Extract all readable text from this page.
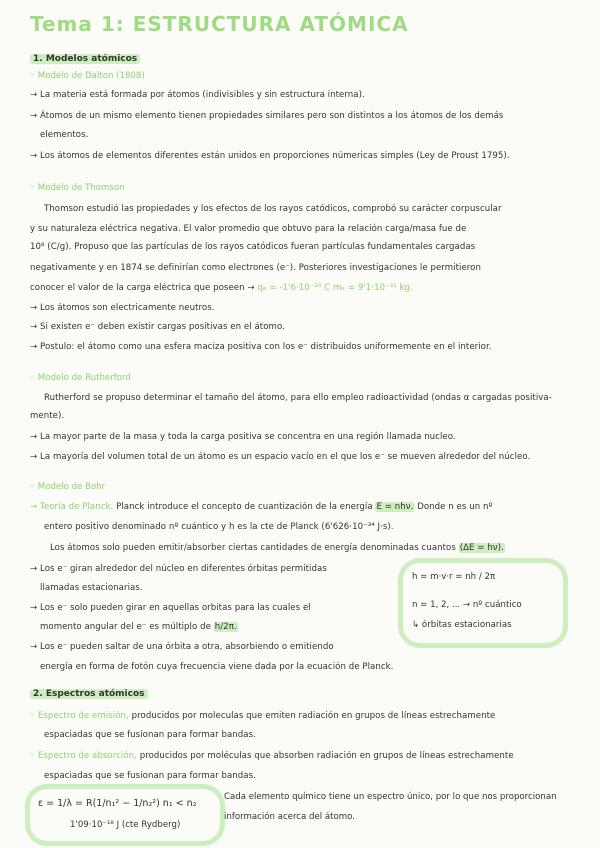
Tema 1: ESTRUCTURA ATÓMICA
1. Modelos atómicos
◦ Modelo de Dalton (1808)
→ La materia está formada por átomos (indivisibles y sin estructura interna).
→ Átomos de un mismo elemento tienen propiedades similares pero son distintos a los átomos de los demás
elementos.
→ Los átomos de elementos diferentes están unidos en proporciones númericas simples (Ley de Proust 1795).
◦ Modelo de Thomson
Thomson estudió las propiedades y los efectos de los rayos catódicos, comprobó su carácter corpuscular
y su naturaleza eléctrica negativa. El valor promedio que obtuvo para la relación carga/masa fue de
10⁸ (C/g). Propuso que las partículas de los rayos catódicos fueran partículas fundamentales cargadas
negativamente y en 1874 se definirían como electrones (e⁻). Posteriores investigaciones le permitieron
conocer el valor de la carga eléctrica que poseen → qₑ = -1'6·10⁻¹⁹ C mₑ = 9'1·10⁻³¹ kg.
→ Los átomos son electricamente neutros.
→ Si existen e⁻ deben existir cargas positivas en el átomo.
→ Postulo: el átomo como una esfera maciza positiva con los e⁻ distribuidos uniformemente en el interior.
◦ Modelo de Rutherford
Rutherford se propuso determinar el tamaño del átomo, para ello empleo radioactividad (ondas α cargadas positiva-
mente).
→ La mayor parte de la masa y toda la carga positiva se concentra en una región llamada nucleo.
→ La mayoría del volumen total de un átomo es un espacio vacío en el que los e⁻ se mueven alrededor del núcleo.
◦ Modelo de Bohr
→ Teoría de Planck. Planck introduce el concepto de cuantización de la energía E = nhν. Donde n es un nº
entero positivo denominado nº cuántico y h es la cte de Planck (6'626·10⁻³⁴ J·s).
Los átomos solo pueden emitir/absorber ciertas cantidades de energía denominadas cuantos (ΔE = hν).
→ Los e⁻ giran alrededor del núcleo en diferentes órbitas permitidas
llamadas estacionarias.
→ Los e⁻ solo pueden girar en aquellas orbitas para las cuales el
momento angular del e⁻ es múltiplo de h/2π.
→ Los e⁻ pueden saltar de una órbita a otra, absorbiendo o emitiendo
energía en forma de fotón cuya frecuencia viene dada por la ecuación de Planck.
h = m·v·r = nh / 2π
n = 1, 2, ... → nº cuántico
↳ órbitas estacionarias
2. Espectros atómicos
◦ Espectro de emisión, producidos por moleculas que emiten radiación en grupos de líneas estrechamente
espaciadas que se fusionan para formar bandas.
◦ Espectro de absorción, producidos por moléculas que absorben radiación en grupos de líneas estrechamente
espaciadas que se fusionan para formar bandas.
ε = 1/λ = R(1/n₁² − 1/n₂²) n₁ < n₂
1'09·10⁻¹⁸ J (cte Rydberg)
Cada elemento químico tiene un espectro único, por lo que nos proporcionan
información acerca del átomo.
